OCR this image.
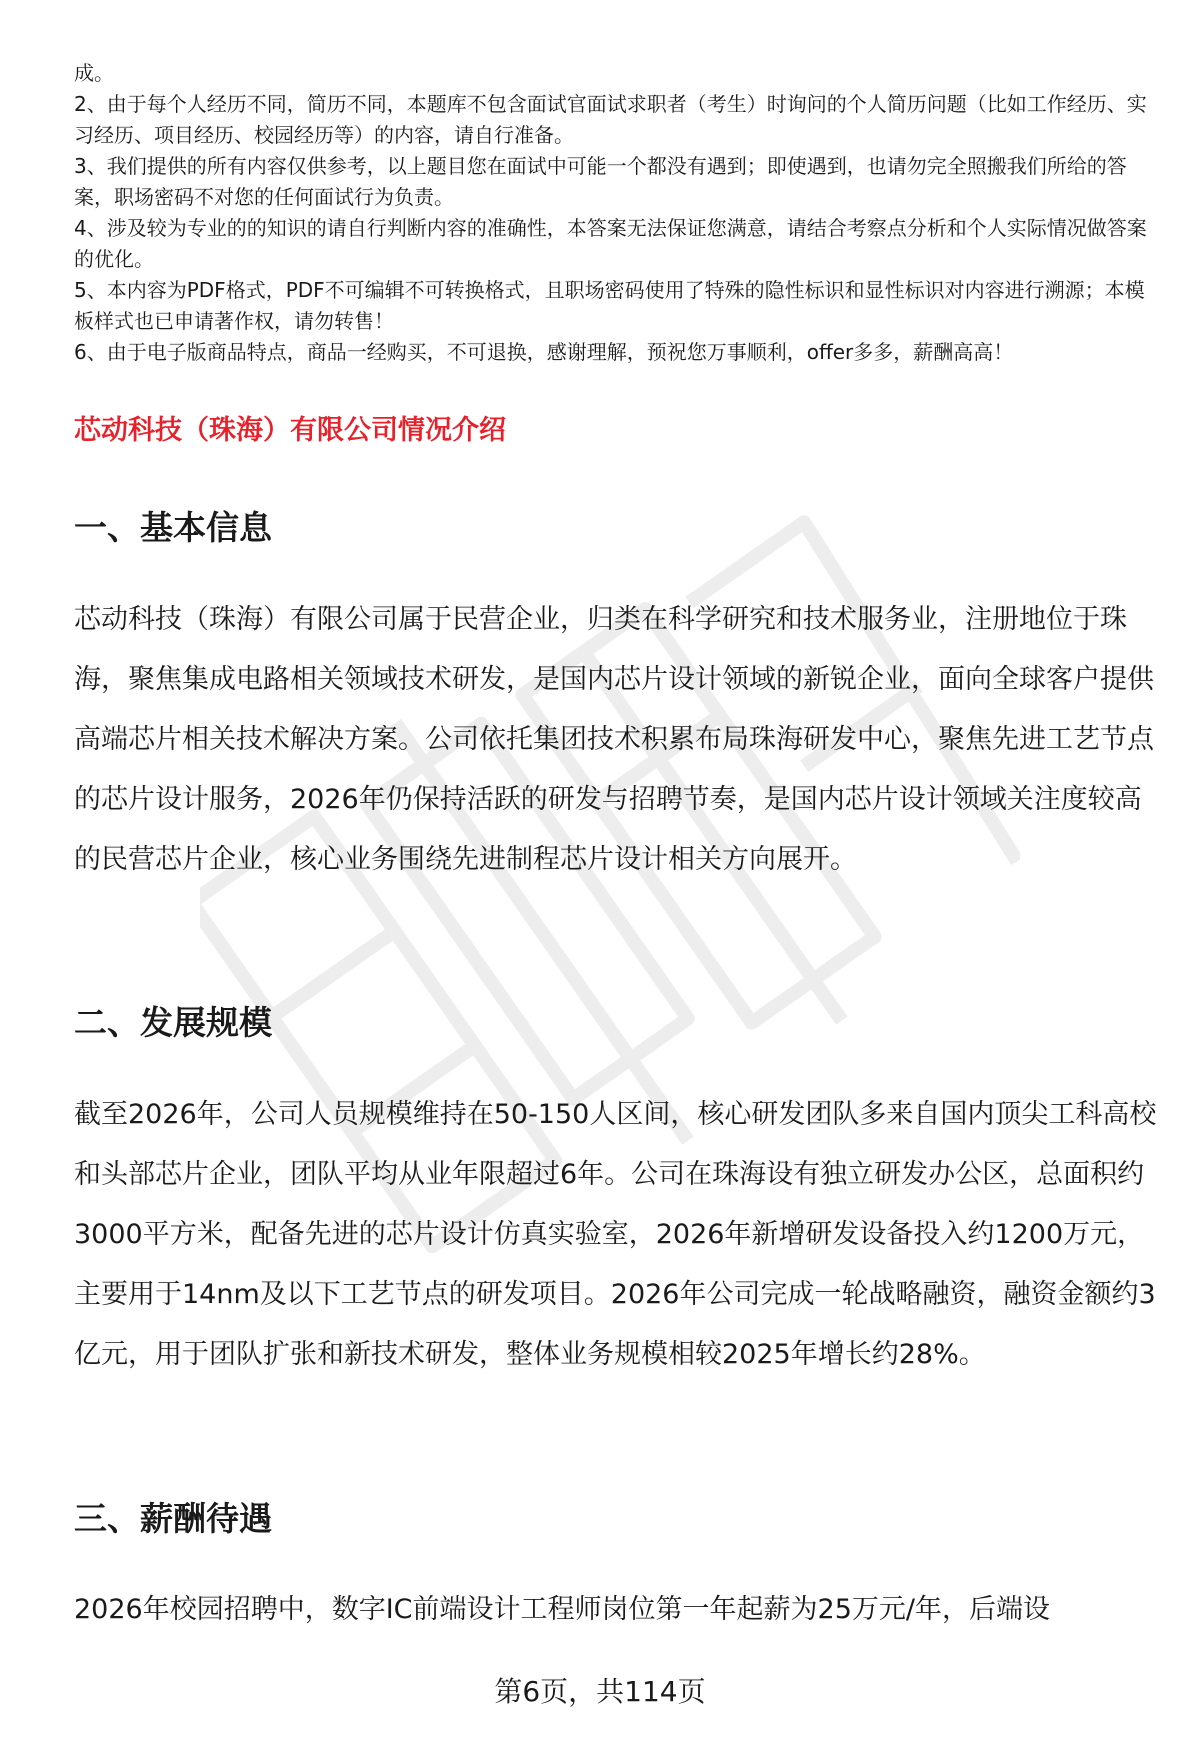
成。

2、由于每个人经历不同，简历不同，本题库不包含面试官面试求职者（考生）时询问的个人简历问题（比如工作经历、实习经历、项目经历、校园经历等）的内容，请自行准备。

3、我们提供的所有内容仅供参考，以上题目您在面试中可能一个都没有遇到；即使遇到，也请勿完全照搬我们所给的答案，职场密码不对您的任何面试行为负责。

4、涉及较为专业的的知识的请自行判断内容的准确性，本答案无法保证您满意，请结合考察点分析和个人实际情况做答案的优化。

5、本内容为PDF格式，PDF不可编辑不可转换格式，且职场密码使用了特殊的隐性标识和显性标识对内容进行溯源；本模板样式也已申请著作权，请勿转售！

6、由于电子版商品特点，商品一经购买，不可退换，感谢理解，预祝您万事顺利，offer多多，薪酬高高！

芯动科技（珠海）有限公司情况介绍
一、基本信息

芯动科技（珠海）有限公司属于民营企业，归类在科学研究和技术服务业，注册地位于珠海，聚焦集成电路相关领域技术研发，是国内芯片设计领域的新锐企业，面向全球客户提供高端芯片相关技术解决方案。公司依托集团技术积累布局珠海研发中心，聚焦先进工艺节点的芯片设计服务，2026年仍保持活跃的研发与招聘节奏，是国内芯片设计领域关注度较高的民营芯片企业，核心业务围绕先进制程芯片设计相关方向展开。

二、发展规模

截至2026年，公司人员规模维持在50-150人区间，核心研发团队多来自国内顶尖工科高校和头部芯片企业，团队平均从业年限超过6年。公司在珠海设有独立研发办公区，总面积约3000平方米，配备先进的芯片设计仿真实验室，2026年新增研发设备投入约1200万元，主要用于14nm及以下工艺节点的研发项目。2026年公司完成一轮战略融资，融资金额约3亿元，用于团队扩张和新技术研发，整体业务规模相较2025年增长约28%。

三、薪酬待遇

2026年校园招聘中，数字IC前端设计工程师岗位第一年起薪为25万元/年，后端设

第6页，共114页
